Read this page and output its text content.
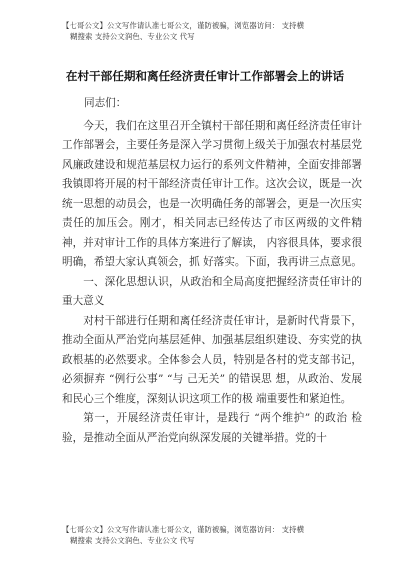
【七哥公文】公文写作请认准七哥公文，谨防被骗，浏览器访问： 支持横
糊搜索 支持公文润色、专业公文 代写
在村干部任期和离任经济责任审计工作部署会上的讲话

同志们：

今天，我们在这里召开全镇村干部任期和离任经济责任审计工作部署会，主要任务是深入学习贯彻上级关于加强农村基层党风廉政建设和规范基层权力运行的系列文件精神，全面安排部署我镇即将开展的村干部经济责任审计工作。这次会议，既是一次统一思想的动员会，也是一次明确任务的部署会，更是一次压实责任的加压会。刚才，相关同志已经传达了市区两级的文件精神，并对审计工作的具体方案进行了解读， 内容很具体，要求很明确，希望大家认真领会，抓 好落实。下面，我再讲三点意见。

一、深化思想认识，从政治和全局高度把握经济责任审计的重大意义

对村干部进行任期和离任经济责任审计，是新时代背景下，推动全面从严治党向基层延伸、加强基层组织建设、夯实党的执政根基的必然要求。全体参会人员，特别是各村的党支部书记，必须摒弃 “例行公事” “与 己无关” 的错误思 想，从政治、发展和民心三个维度，深刻认识这项工作的极 端重要性和紧迫性。

第一，开展经济责任审计，是践行 “两个维护” 的政治 检验，是推动全面从严治党向纵深发展的关键举措。党的十

【七哥公文】公文写作请认准七哥公文，谨防被骗，浏览器访问： 支持横
糊搜索 支持公文润色、专业公文 代写
